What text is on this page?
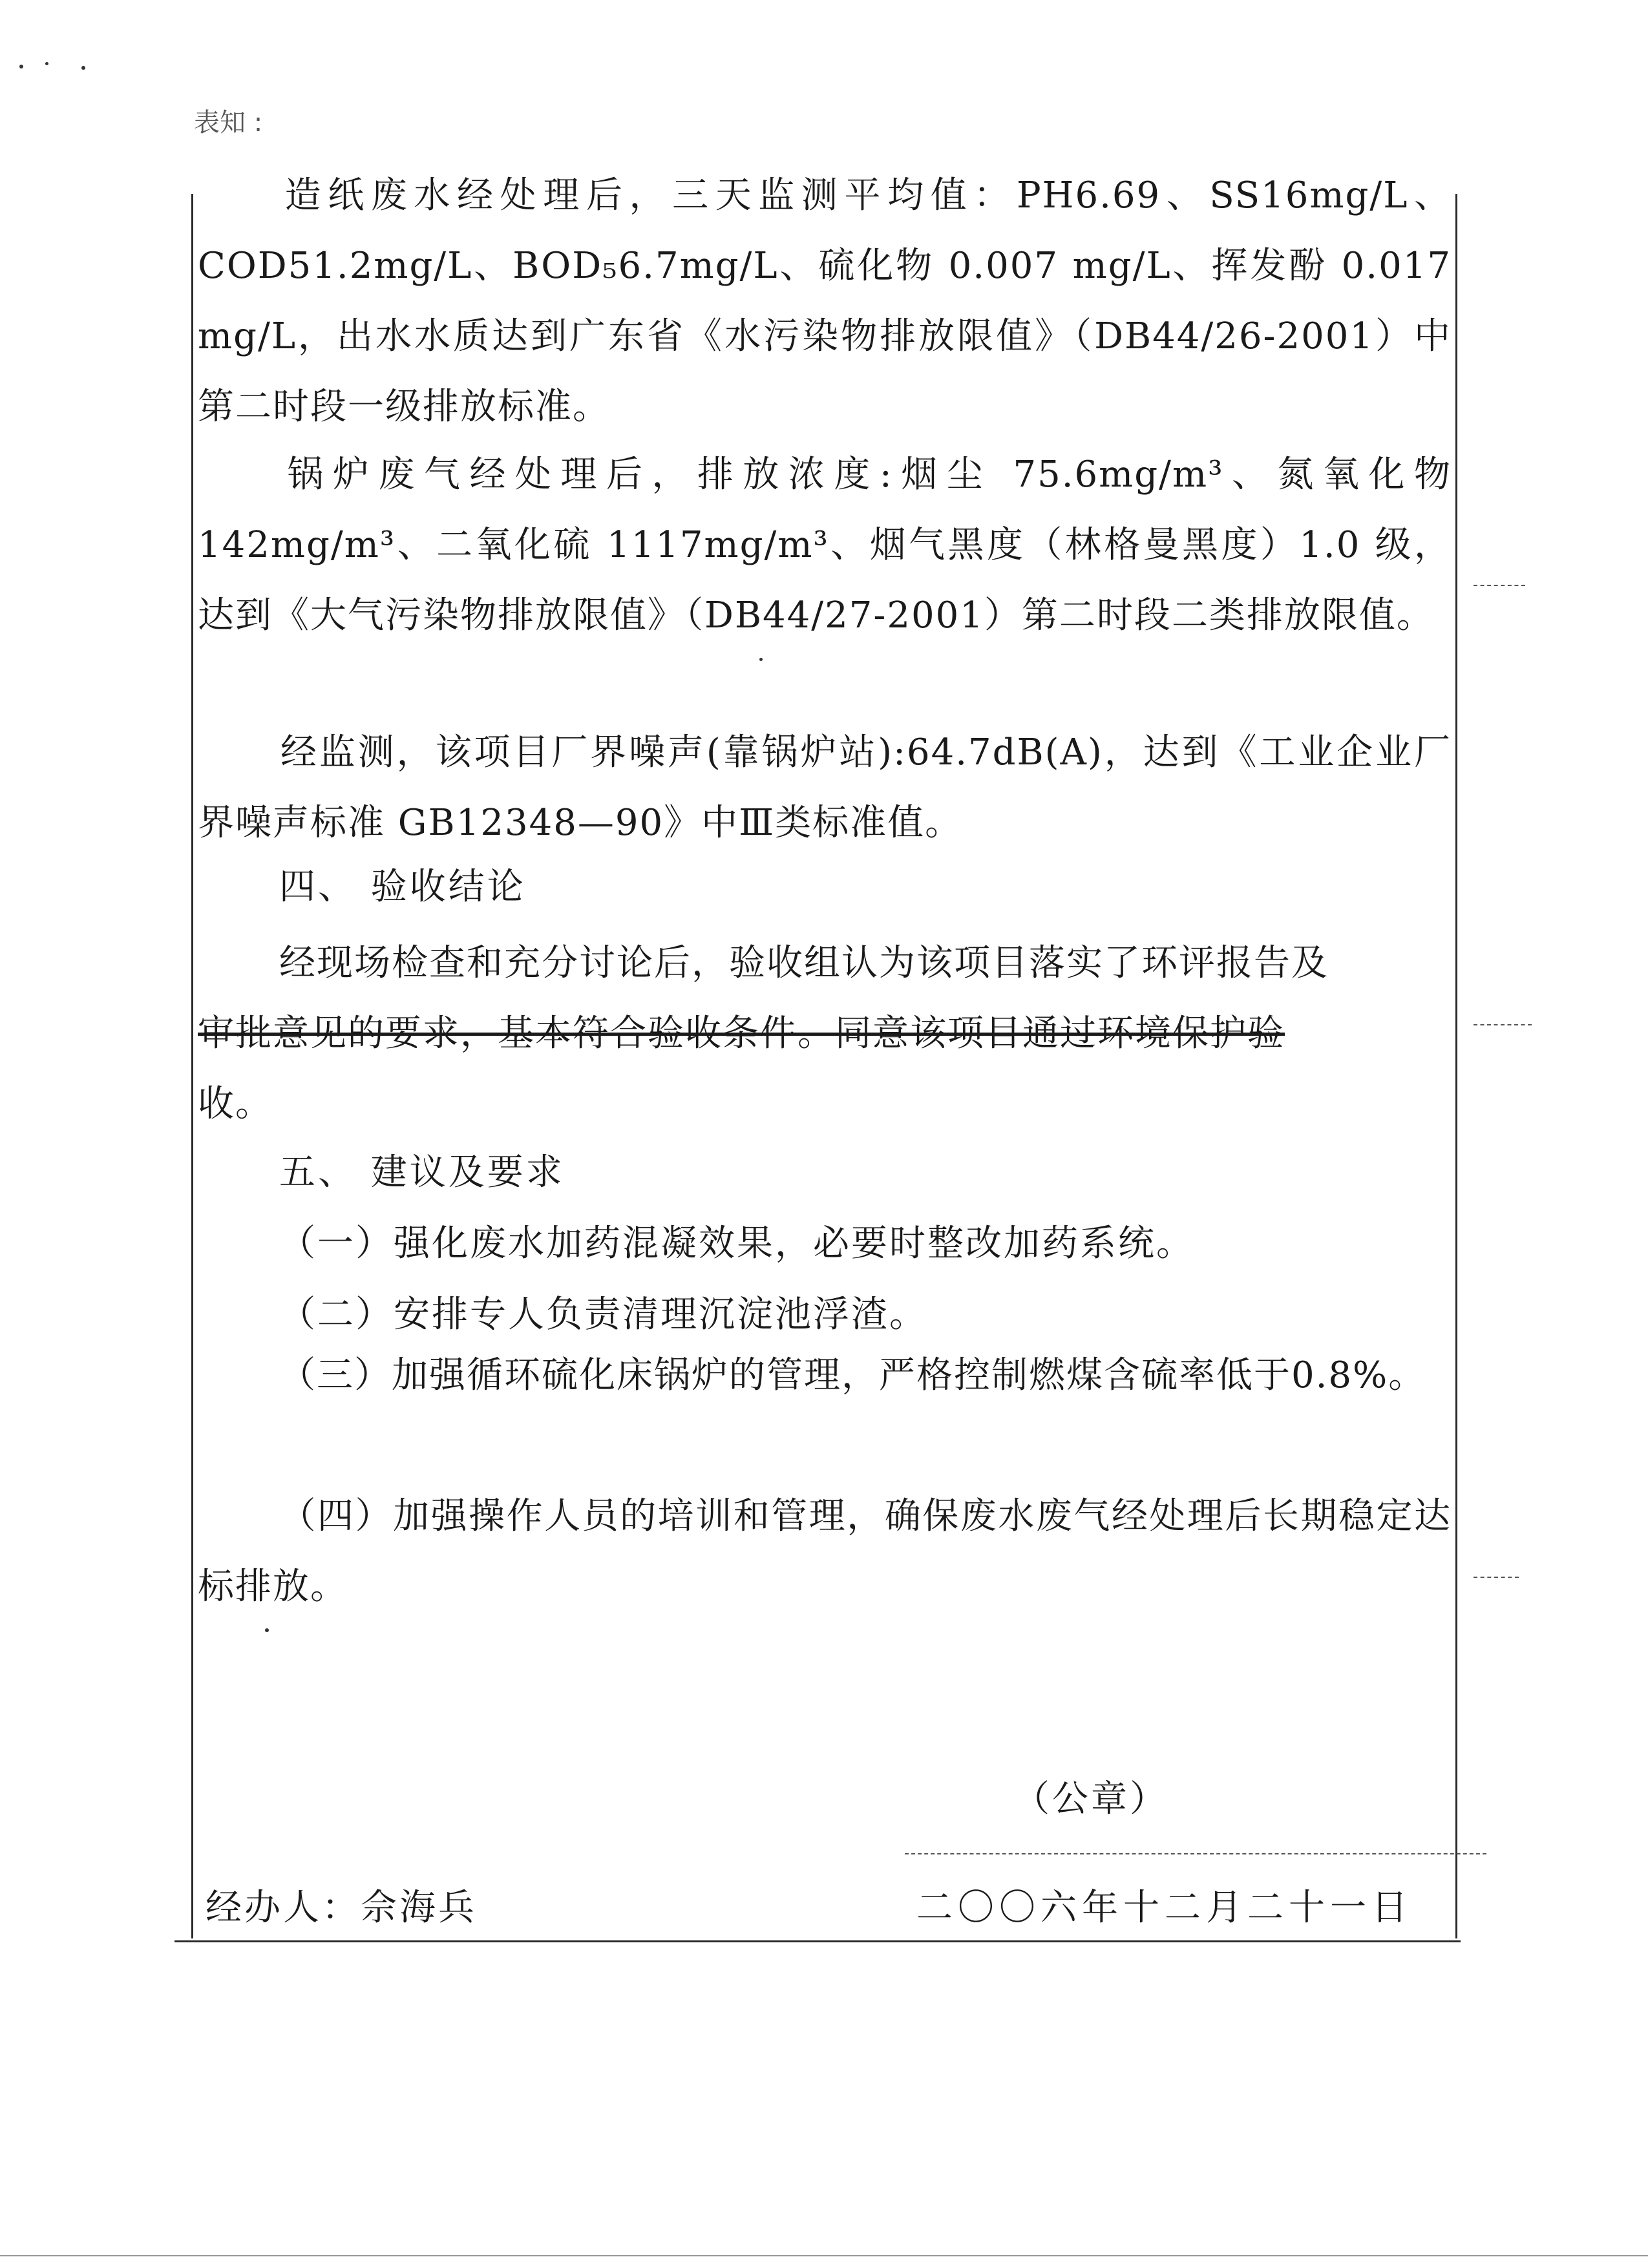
表知 :

造纸废水经处理后，三天监测平均值：PH6.69、SS16mg/L、COD51.2mg/L、BOD₅6.7mg/L、硫化物 0.007 mg/L、挥发酚 0.017 mg/L，出水水质达到广东省《水污染物排放限值》（DB44/26-2001）中第二时段一级排放标准。

锅炉废气经处理后，排放浓度:烟尘 75.6mg/m³、氮氧化物 142mg/m³、二氧化硫 1117mg/m³、烟气黑度（林格曼黑度）1.0 级，达到《大气污染物排放限值》（DB44/27-2001）第二时段二类排放限值。

经监测，该项目厂界噪声(靠锅炉站):64.7dB(A)，达到《工业企业厂界噪声标准 GB12348—90》中Ⅲ类标准值。

四、 验收结论

经现场检查和充分讨论后，验收组认为该项目落实了环评报告及
审批意见的要求，基本符合验收条件。同意该项目通过环境保护验
收。

五、 建议及要求
（一）强化废水加药混凝效果，必要时整改加药系统。
（二）安排专人负责清理沉淀池浮渣。

（三）加强循环硫化床锅炉的管理，严格控制燃煤含硫率低于0.8%。

（四）加强操作人员的培训和管理，确保废水废气经处理后长期稳定达标排放。

（公章）
经办人：佘海兵	二〇〇六年十二月二十一日
